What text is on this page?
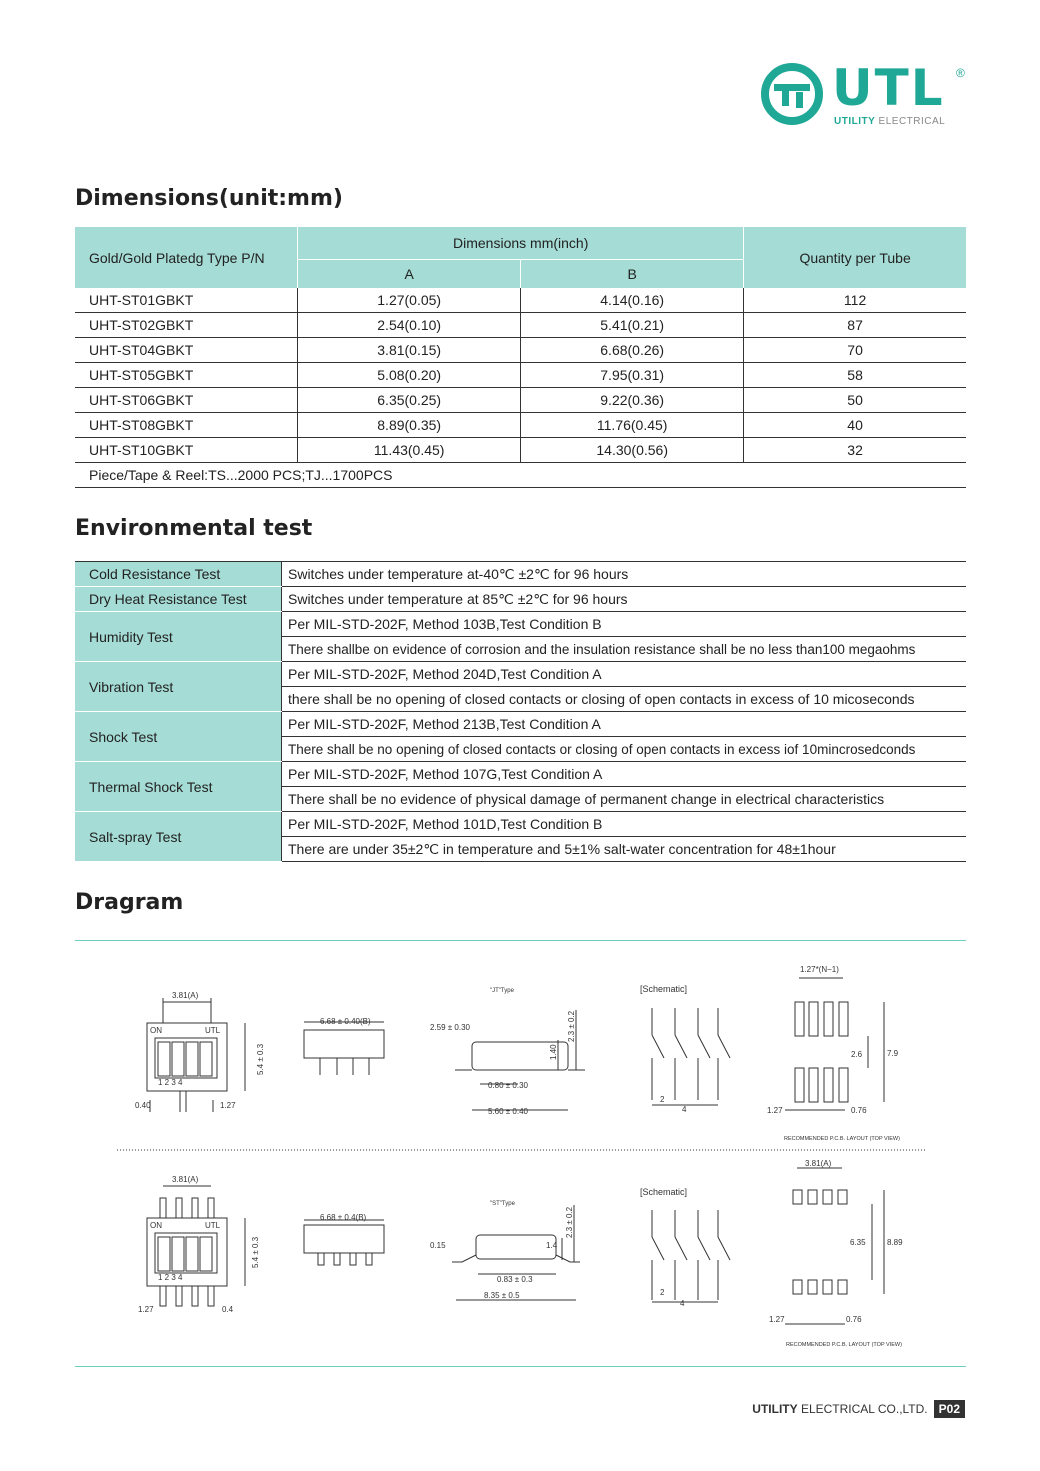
UTL ®
UTILITY ELECTRICAL
Dimensions(unit:mm)
Gold/Gold Platedg Type P/N	Dimensions mm(inch)		Quantity per Tube
	A	B	
UHT-ST01GBKT	1.27(0.05)	4.14(0.16)	112
UHT-ST02GBKT	2.54(0.10)	5.41(0.21)	87
UHT-ST04GBKT	3.81(0.15)	6.68(0.26)	70
UHT-ST05GBKT	5.08(0.20)	7.95(0.31)	58
UHT-ST06GBKT	6.35(0.25)	9.22(0.36)	50
UHT-ST08GBKT	8.89(0.35)	11.76(0.45)	40
UHT-ST10GBKT	11.43(0.45)	14.30(0.56)	32
Piece/Tape & Reel:TS...2000 PCS;TJ...1700PCS			
Environmental test
Cold Resistance Test	Switches under temperature at-40℃ ±2℃ for 96 hours
Dry Heat Resistance Test	Switches under temperature at 85℃ ±2℃ for 96 hours
Humidity Test	Per MIL-STD-202F, Method 103B,Test Condition B
	There shallbe on evidence of corrosion and the insulation resistance shall be no less than100 megaohms
Vibration Test	Per MIL-STD-202F, Method 204D,Test Condition A
	there shall be no opening of closed contacts or closing of open contacts in excess of 10 micoseconds
Shock Test	Per MIL-STD-202F, Method 213B,Test Condition A
	There shall be no opening of closed contacts or closing of open contacts in excess iof 10mincrosedconds
Thermal Shock Test	Per MIL-STD-202F, Method 107G,Test Condition A
	There shall be no evidence of physical damage of permanent change in electrical characteristics
Salt-spray Test	Per MIL-STD-202F, Method 101D,Test Condition B
	There are under 35±2℃ in temperature and 5±1% salt-water concentration for 48±1hour
Dragram
3.81(A)
ON	UTL
1 2 3 4
5.4 ± 0.3
0.40	1.27
6.68 ± 0.40(B)
"JT"Type
2.59 ± 0.30
1.40
2.3 ± 0.2
0.80 ± 0.30
5.60 ± 0.40
[Schematic]
2
4
1.27*(N−1)
2.6	7.9
1.27	0.76
RECOMMENDED P.C.B. LAYOUT (TOP VIEW)
3.81(A)
ON	UTL
1 2 3 4
5.4 ± 0.3
1.27	0.4
6.68 ± 0.4(B)
"ST"Type
0.15	1.4
2.3 ± 0.2
0.83 ± 0.3
8.35 ± 0.5
[Schematic]
2
4
3.81(A)
6.35	8.89
1.27	0.76
RECOMMENDED P.C.B. LAYOUT (TOP VIEW)
UTILITY ELECTRICAL CO.,LTD. P02
